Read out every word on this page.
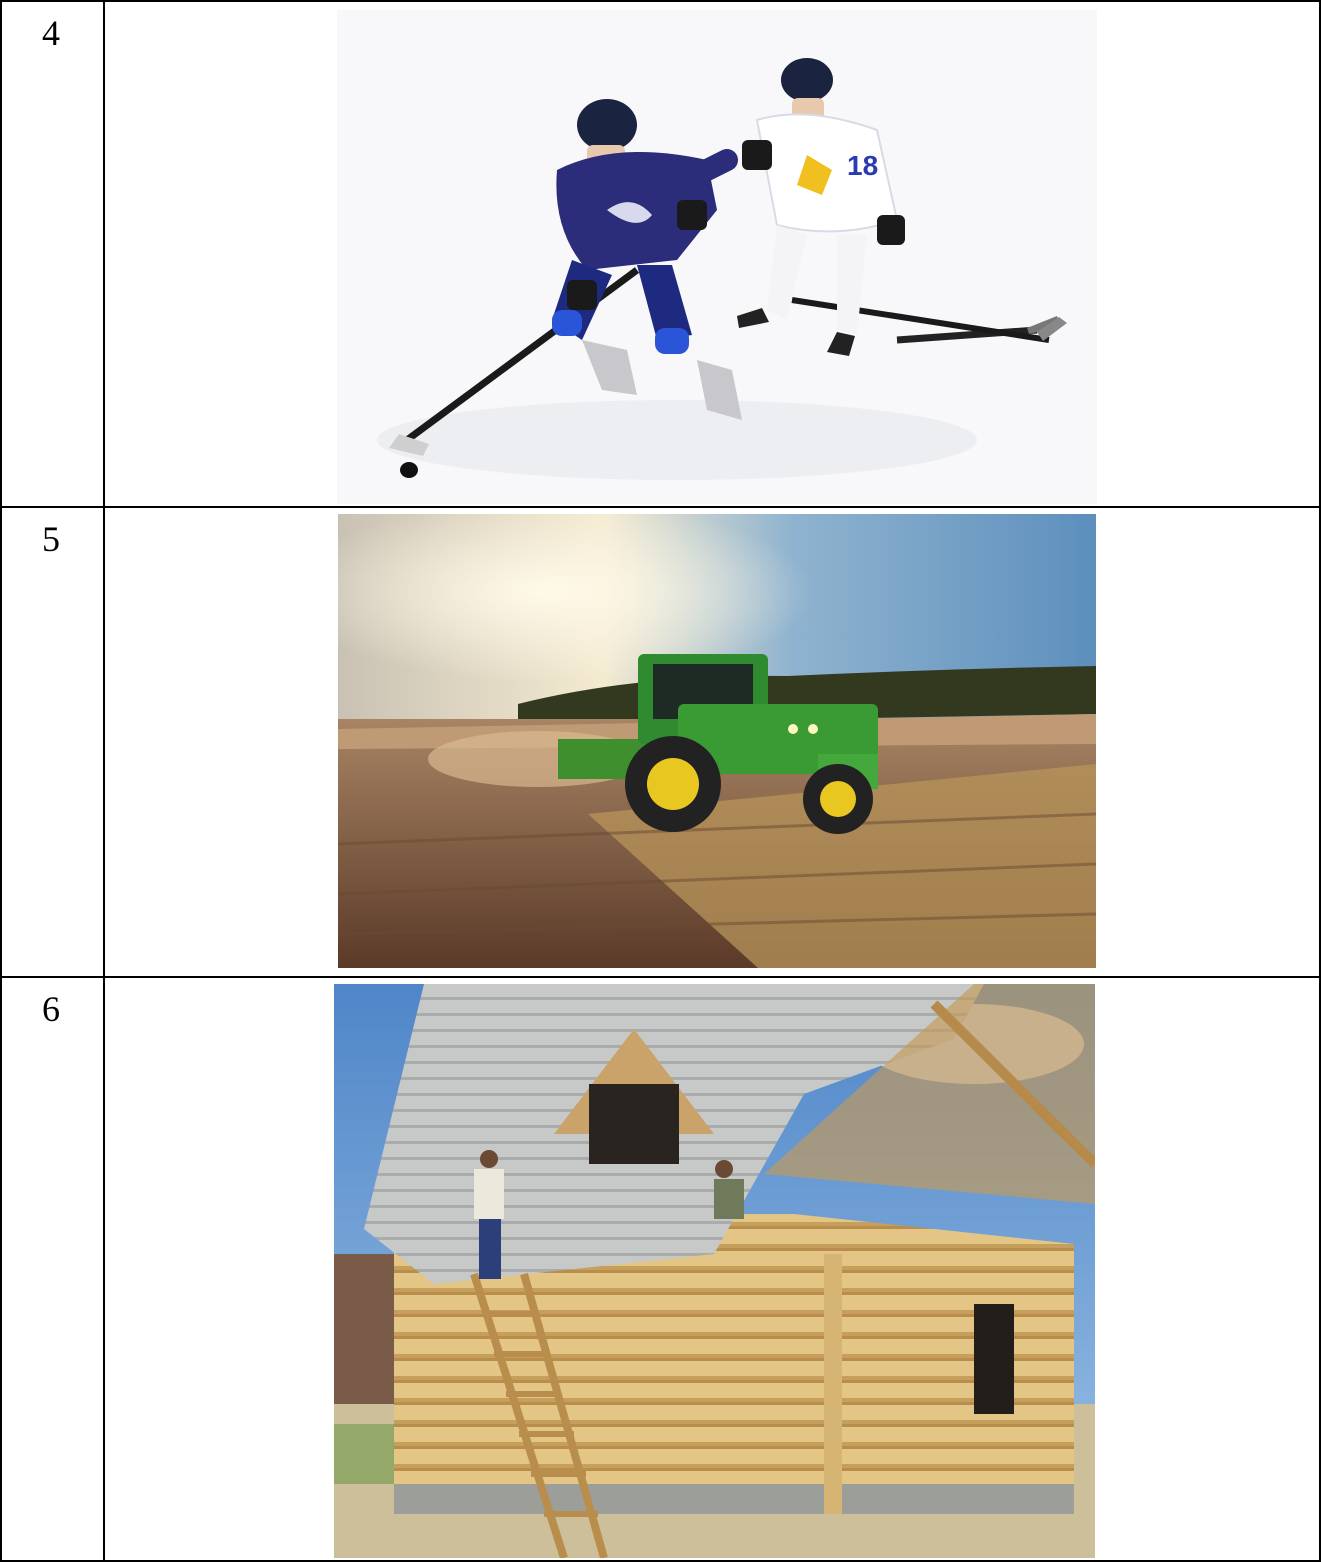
4	18

5

6
